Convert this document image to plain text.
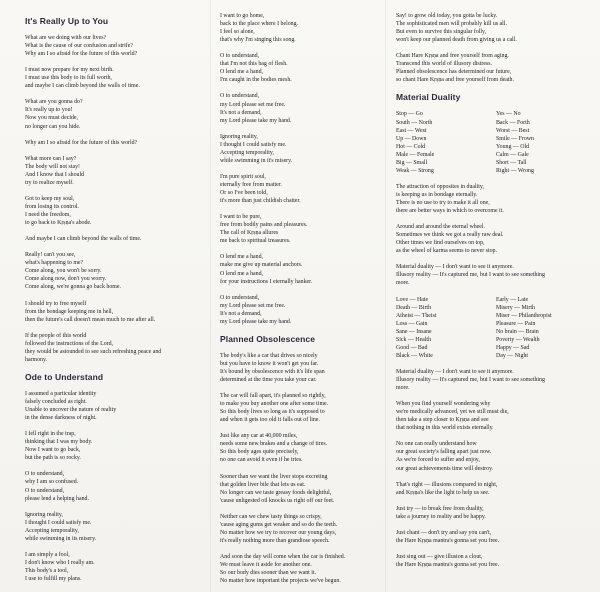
It's Really Up to You

What are we doing with our lives?
What is the cause of our confusion and strife?
Why am I so afraid for the future of this world?

I must now prepare for my next birth.
I must use this body to its full worth,
and maybe I can climb beyond the walls of time.

What are you gonna do?
It's really up to you!
Now you must decide,
no longer can you hide.

Why am I so afraid for the future of this world?

What more can I say?
The body will not stay!
And I know that I should
try to realize myself.

Got to keep my soul,
from losing its control.
I need the freedom,
to go back to Kṛṣṇa's abode.

And maybe I can climb beyond the walls of time.

Really! can't you see,
what's happening to me?
Come along, you won't be sorry.
Come along now, don't you worry.
Come along, we're gonna go back home.

I should try to free myself
from the bondage keeping me in hell,
then the future's call doesn't mean much to me after all.

If the people of this world
followed the instructions of the Lord,
they would be astounded to see such refreshing peace and
harmony.

Ode to Understand

I assumed a particular identity
falsely concluded as right.
Unable to uncover the nature of reality
in the dense darkness of night.

I fell right in the trap,
thinking that I was my body.
Now I want to go back,
but the path is so rocky.

O to understand,
why I am so confused.
O to understand,
please lend a helping hand.

Ignoring reality,
I thought I could satisfy me.
Accepting temporality,
while swimming in its misery.

I am simply a fool,
I don't know who I really am.
This body's a tool,
I use to fulfill my plans.

I want to go home,
back to the place where I belong.
I feel so alone,
that's why I'm singing this song.

O to understand,
that I'm not this bag of flesh.
O lend me a hand,
I'm caught in the bodies mesh.

O to understand,
my Lord please set me free.
It's not a demand,
my Lord please take my hand.

Ignoring reality,
I thought I could satisfy me.
Accepting temporality,
while swimming in it's misery.

I'm pure spirit soul,
eternally free from matter.
Or so I've been told,
it's more than just childish chatter.

I want to be pure,
free from bodily pains and pleasures.
The call of Kṛṣṇa allures
me back to spiritual treasures.

O lend me a hand,
make me give up material anchors.
O lend me a hand,
for your instructions I eternally hanker.

O to understand,
my Lord please set me free.
It's not a demand,
my Lord please take my hand.

Planned Obsolescence

The body's like a car that drives so nicely
but you have to know it won't get you far.
It's bound by obsolescence with it's life span
determined at the time you take your car.

The car will fall apart, it's planned so rightly,
to make you buy another one after some time.
So this body lives so long as it's supposed to
and when it gets too old it falls out of line.

Just like any car at 40,000 miles,
needs some new brakes and a change of tires.
So this body ages quite precisely,
no one can avoid it even if he tries.

Sooner than we want the liver stops excreting
that golden liver bile that lets us eat.
No longer can we taste greasy foods delightful,
'cause unligested oil knocks us right off our feet.

Neither can we chew tasty things so crispy,
'cause aging gums get weaker and so do the teeth.
No matter how we try to recover our young days,
it's really nothing more than grandiose speech.

And soon the day will come when the car is finished.
We must leave it aside for another one.
So our body dies sooner than we want it.
No matter how important the projects we've begun.

Say! to grow old today, you gotta be lucky.
The sophisticated men will probably kill us all.
But even to survive this singular folly,
won't keep our planned death from giving us a call.

Chant Hare Kṛṣṇa and free yourself from aging.
Transcend this world of illusory distress.
Planned obsolescence has determined our future,
so chant Hare Kṛṣṇa and free yourself from death.

Material Duality
Stop — Go
South — North
East — West
Up — Down
Hot — Cold
Male — Female
Big — Small
Weak — Strong
Yes — No
Back — Forth
Worst — Best
Smile — Frown
Young — Old
Calm — Gale
Short — Tall
Right — Wrong

The attraction of opposites in duality,
is keeping us in bondage eternally.
There is no use to try to make it all one,
there are better ways in which to overcome it.

Around and around the eternal wheel.
Sometimes we think we got a really raw deal.
Other times we find ourselves on top,
as the wheel of karma seems to never stop.

Material duality — I don't want to see it anymore.
Illusory reality — It's captured me, but I want to see something
more.

Love — Hate
Death — Birth
Atheist — Theist
Loss — Gain
Sane — Insane
Sick — Health
Good — Bad
Black — White
Early — Late
Misery — Mirth
Miser — Philanthropist
Pleasure — Pain
No brain — Brain
Poverty — Wealth
Happy — Sad
Day — Night

Material duality — I don't want to see it anymore.
Illusory reality — It's captured me, but I want to see something
more.

When you find yourself wondering why
we're medically advanced, yet we still must die,
then take a step closer to Kṛṣṇa and see
that nothing in this world exists eternally.

No one can really understand how
our great society's falling apart just now.
As we're forced to suffer and enjoy,
our great achievements time will destroy.

That's right — illusions compared to night,
and Kṛṣṇa's like the light to help us see.

Just try — to break free from duality,
take a journey to reality and be happy.

Just chant — don't try and say you can't,
the Hare Kṛṣṇa mantra's gonna set you free.

Just sing out — give illusion a clout,
the Hare Kṛṣṇa mantra's gonna set you free.
